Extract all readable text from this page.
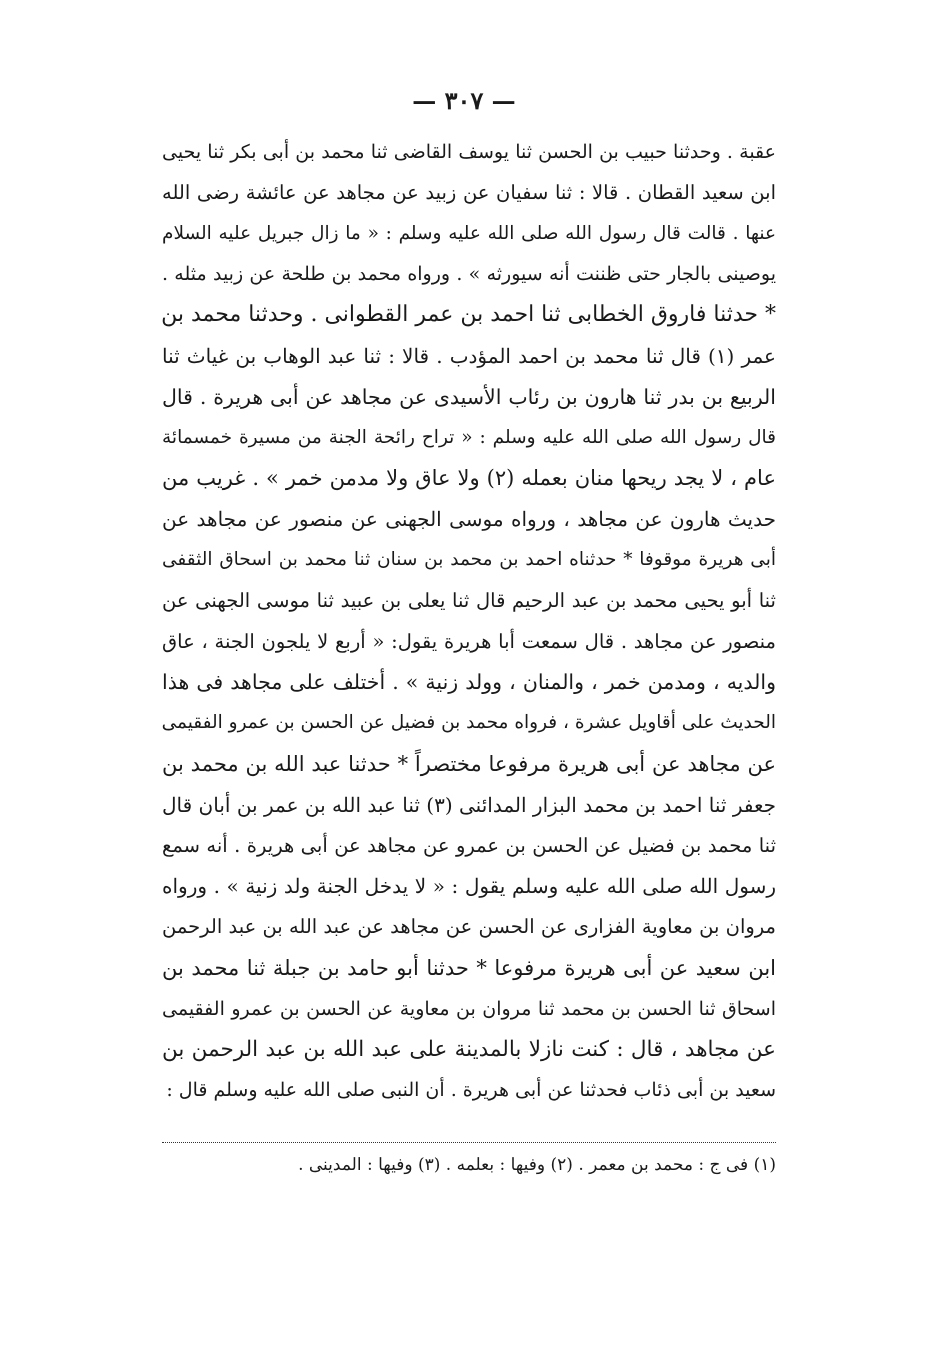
— ٣٠٧ —
عقبة . وحدثنا حبيب بن الحسن ثنا يوسف القاضى ثنا محمد بن أبى بكر ثنا يحيى
ابن سعيد القطان . قالا : ثنا سفيان عن زبيد عن مجاهد عن عائشة رضى الله
عنها . قالت قال رسول الله صلى الله عليه وسلم : « ما زال جبريل عليه السلام
يوصينى بالجار حتى ظننت أنه سيورثه » . ورواه محمد بن طلحة عن زبيد مثله .
* حدثنا فاروق الخطابى ثنا احمد بن عمر القطوانى . وحدثنا محمد بن
عمر (١) قال ثنا محمد بن احمد المؤدب . قالا : ثنا عبد الوهاب بن غياث ثنا
الربيع بن بدر ثنا هارون بن رئاب الأسيدى عن مجاهد عن أبى هريرة . قال
قال رسول الله صلى الله عليه وسلم : « تراح رائحة الجنة من مسيرة خمسمائة
عام ، لا يجد ريحها منان بعمله (٢) ولا عاق ولا مدمن خمر » . غريب من
حديث هارون عن مجاهد ، ورواه موسى الجهنى عن منصور عن مجاهد عن
أبى هريرة موقوفا * حدثناه احمد بن محمد بن سنان ثنا محمد بن اسحاق الثقفى
ثنا أبو يحيى محمد بن عبد الرحيم قال ثنا يعلى بن عبيد ثنا موسى الجهنى عن
منصور عن مجاهد . قال سمعت أبا هريرة يقول: « أربع لا يلجون الجنة ، عاق
والديه ، ومدمن خمر ، والمنان ، وولد زنية » . أختلف على مجاهد فى هذا
الحديث على أقاويل عشرة ، فرواه محمد بن فضيل عن الحسن بن عمرو الفقيمى
عن مجاهد عن أبى هريرة مرفوعا مختصراً * حدثنا عبد الله بن محمد بن
جعفر ثنا احمد بن محمد البزار المدائنى (٣) ثنا عبد الله بن عمر بن أبان قال
ثنا محمد بن فضيل عن الحسن بن عمرو عن مجاهد عن أبى هريرة . أنه سمع
رسول الله صلى الله عليه وسلم يقول : « لا يدخل الجنة ولد زنية » . ورواه
مروان بن معاوية الفزارى عن الحسن عن مجاهد عن عبد الله بن عبد الرحمن
ابن سعيد عن أبى هريرة مرفوعا * حدثنا أبو حامد بن جبلة ثنا محمد بن
اسحاق ثنا الحسن بن محمد ثنا مروان بن معاوية عن الحسن بن عمرو الفقيمى
عن مجاهد ، قال : كنت نازلا بالمدينة على عبد الله بن عبد الرحمن بن
سعيد بن أبى ذئاب فحدثنا عن أبى هريرة . أن النبى صلى الله عليه وسلم قال :
(١) فى ج : محمد بن معمر . (٢) وفيها : بعلمه . (٣) وفيها : المدينى .
